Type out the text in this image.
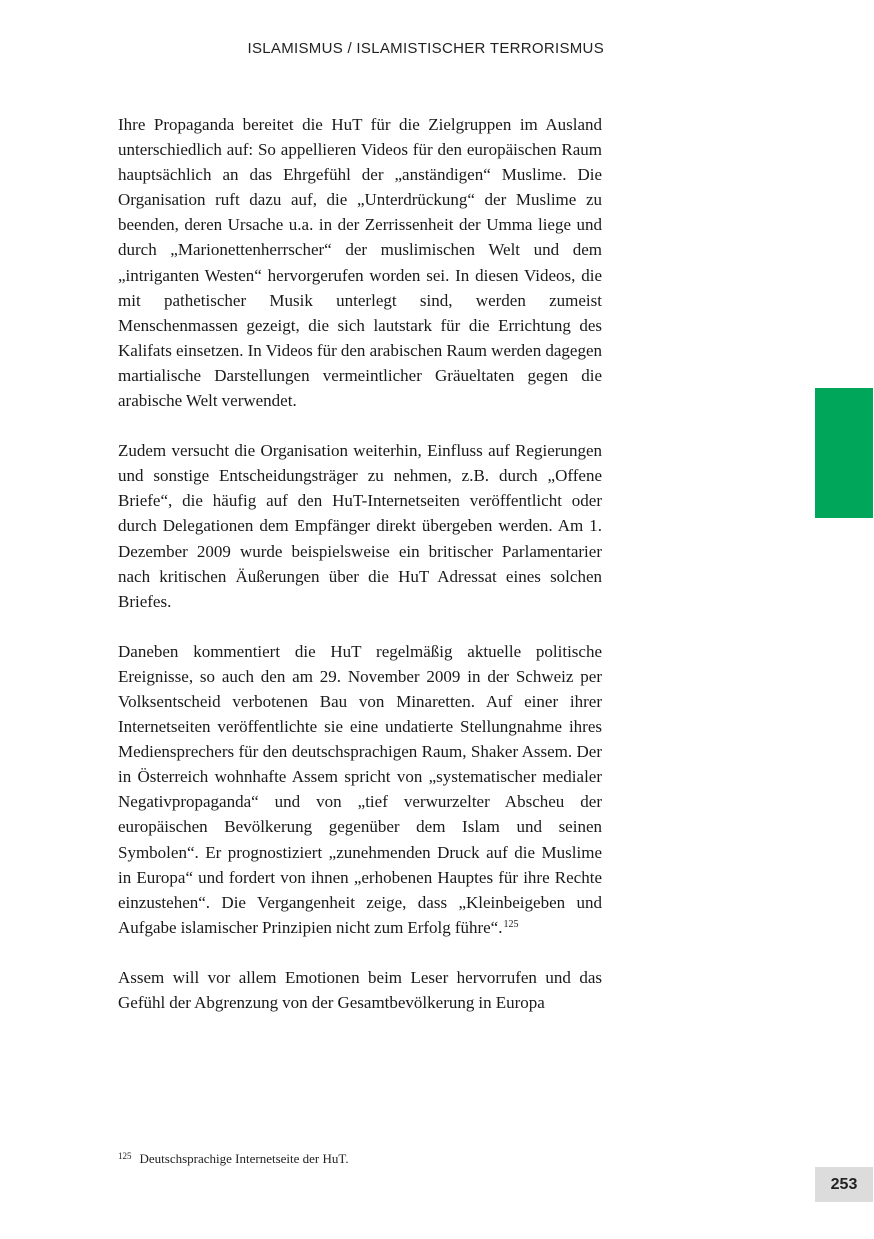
ISLAMISMUS / ISLAMISTISCHER TERRORISMUS

Ihre Propaganda bereitet die HuT für die Zielgruppen im Ausland unterschiedlich auf: So appellieren Videos für den europäischen Raum hauptsächlich an das Ehrgefühl der „anständigen“ Muslime. Die Organisation ruft dazu auf, die „Unterdrückung“ der Muslime zu beenden, deren Ursache u.a. in der Zerrissenheit der Umma liege und durch „Marionettenherrscher“ der muslimischen Welt und dem „intriganten Westen“ hervorgerufen worden sei. In diesen Videos, die mit pathetischer Musik unterlegt sind, werden zumeist Menschenmassen gezeigt, die sich lautstark für die Errichtung des Kalifats einsetzen. In Videos für den arabischen Raum werden dagegen martialische Darstellungen vermeintlicher Gräueltaten gegen die arabische Welt verwendet.

Zudem versucht die Organisation weiterhin, Einfluss auf Regierungen und sonstige Entscheidungsträger zu nehmen, z.B. durch „Offene Briefe“, die häufig auf den HuT-Internetseiten veröffentlicht oder durch Delegationen dem Empfänger direkt übergeben werden. Am 1. Dezember 2009 wurde beispielsweise ein britischer Parlamentarier nach kritischen Äußerungen über die HuT Adressat eines solchen Briefes.

Daneben kommentiert die HuT regelmäßig aktuelle politische Ereignisse, so auch den am 29. November 2009 in der Schweiz per Volksentscheid verbotenen Bau von Minaretten. Auf einer ihrer Internetseiten veröffentlichte sie eine undatierte Stellungnahme ihres Mediensprechers für den deutschsprachigen Raum, Shaker Assem. Der in Österreich wohnhafte Assem spricht von „systematischer medialer Negativpropaganda“ und von „tief verwurzelter Abscheu der europäischen Bevölkerung gegenüber dem Islam und seinen Symbolen“. Er prognostiziert „zunehmenden Druck auf die Muslime in Europa“ und fordert von ihnen „erhobenen Hauptes für ihre Rechte einzustehen“. Die Vergangenheit zeige, dass „Kleinbeigeben und Aufgabe islamischer Prinzipien nicht zum Erfolg führe“.$^{125}$

Assem will vor allem Emotionen beim Leser hervorrufen und das Gefühl der Abgrenzung von der Gesamtbevölkerung in Europa

$^{125}$ Deutschsprachige Internetseite der HuT.
253
